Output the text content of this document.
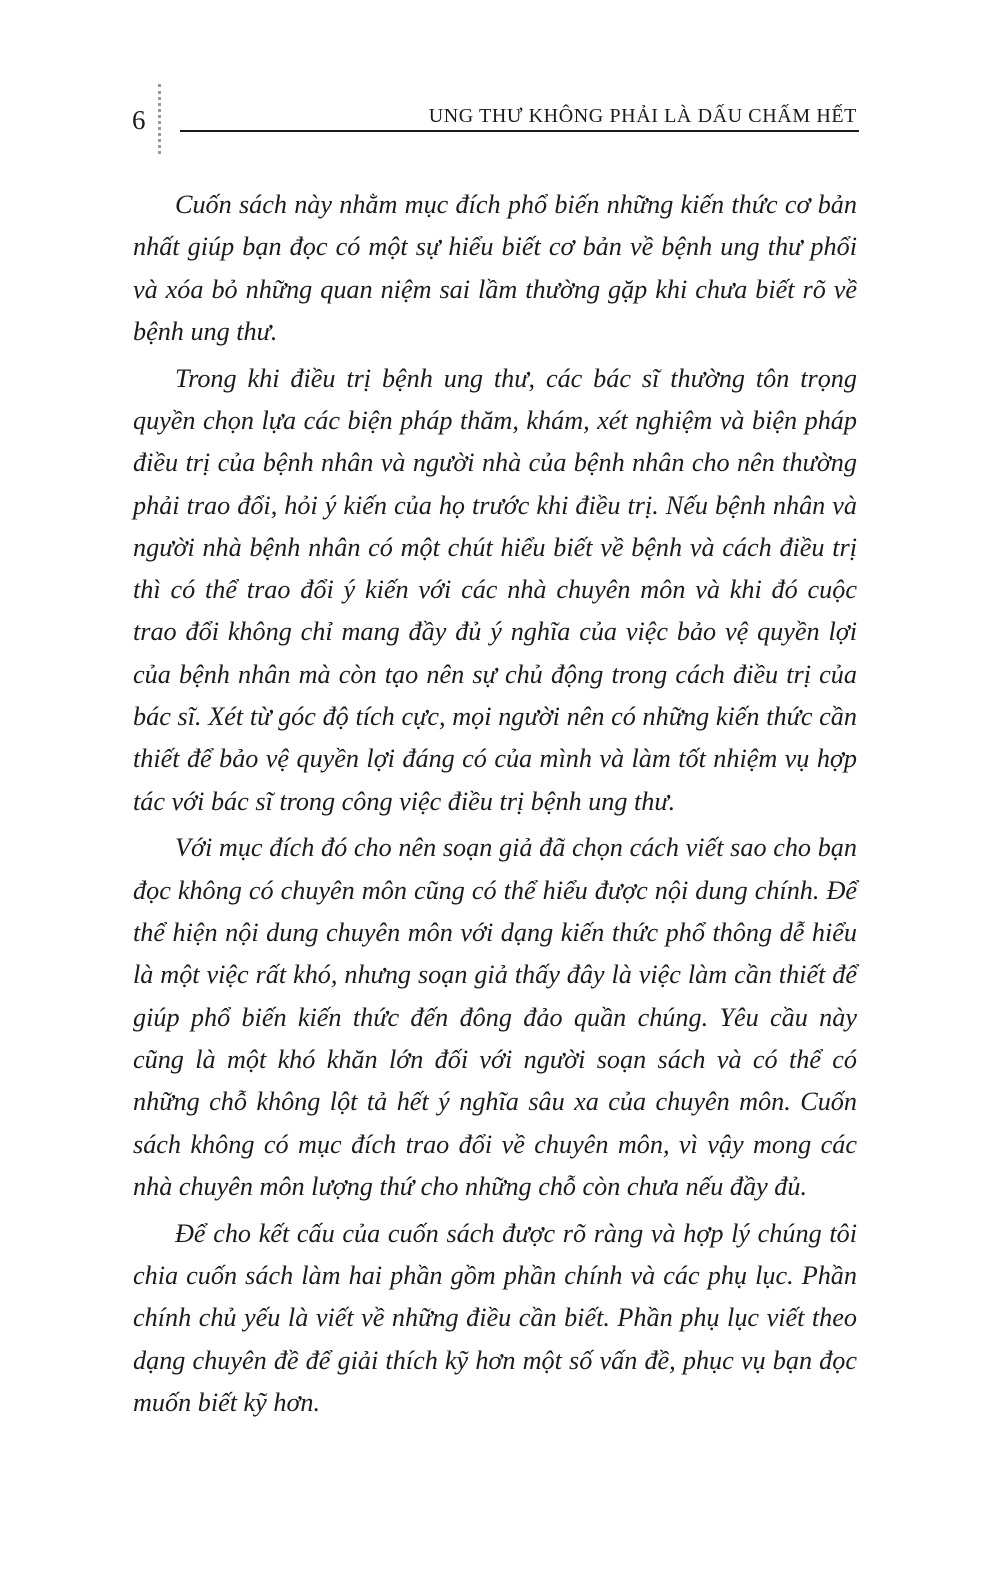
6	UNG THƯ KHÔNG PHẢI LÀ DẤU CHẤM HẾT

Cuốn sách này nhằm mục đích phổ biến những kiến thức cơ bản nhất giúp bạn đọc có một sự hiểu biết cơ bản về bệnh ung thư phổi và xóa bỏ những quan niệm sai lầm thường gặp khi chưa biết rõ về bệnh ung thư.

Trong khi điều trị bệnh ung thư, các bác sĩ thường tôn trọng quyền chọn lựa các biện pháp thăm, khám, xét nghiệm và biện pháp điều trị của bệnh nhân và người nhà của bệnh nhân cho nên thường phải trao đổi, hỏi ý kiến của họ trước khi điều trị. Nếu bệnh nhân và người nhà bệnh nhân có một chút hiểu biết về bệnh và cách điều trị thì có thể trao đổi ý kiến với các nhà chuyên môn và khi đó cuộc trao đổi không chỉ mang đầy đủ ý nghĩa của việc bảo vệ quyền lợi của bệnh nhân mà còn tạo nên sự chủ động trong cách điều trị của bác sĩ. Xét từ góc độ tích cực, mọi người nên có những kiến thức cần thiết để bảo vệ quyền lợi đáng có của mình và làm tốt nhiệm vụ hợp tác với bác sĩ trong công việc điều trị bệnh ung thư.

Với mục đích đó cho nên soạn giả đã chọn cách viết sao cho bạn đọc không có chuyên môn cũng có thể hiểu được nội dung chính. Để thể hiện nội dung chuyên môn với dạng kiến thức phổ thông dễ hiểu là một việc rất khó, nhưng soạn giả thấy đây là việc làm cần thiết để giúp phổ biến kiến thức đến đông đảo quần chúng. Yêu cầu này cũng là một khó khăn lớn đối với người soạn sách và có thể có những chỗ không lột tả hết ý nghĩa sâu xa của chuyên môn. Cuốn sách không có mục đích trao đổi về chuyên môn, vì vậy mong các nhà chuyên môn lượng thứ cho những chỗ còn chưa nếu đầy đủ.

Để cho kết cấu của cuốn sách được rõ ràng và hợp lý chúng tôi chia cuốn sách làm hai phần gồm phần chính và các phụ lục. Phần chính chủ yếu là viết về những điều cần biết. Phần phụ lục viết theo dạng chuyên đề để giải thích kỹ hơn một số vấn đề, phục vụ bạn đọc muốn biết kỹ hơn.
